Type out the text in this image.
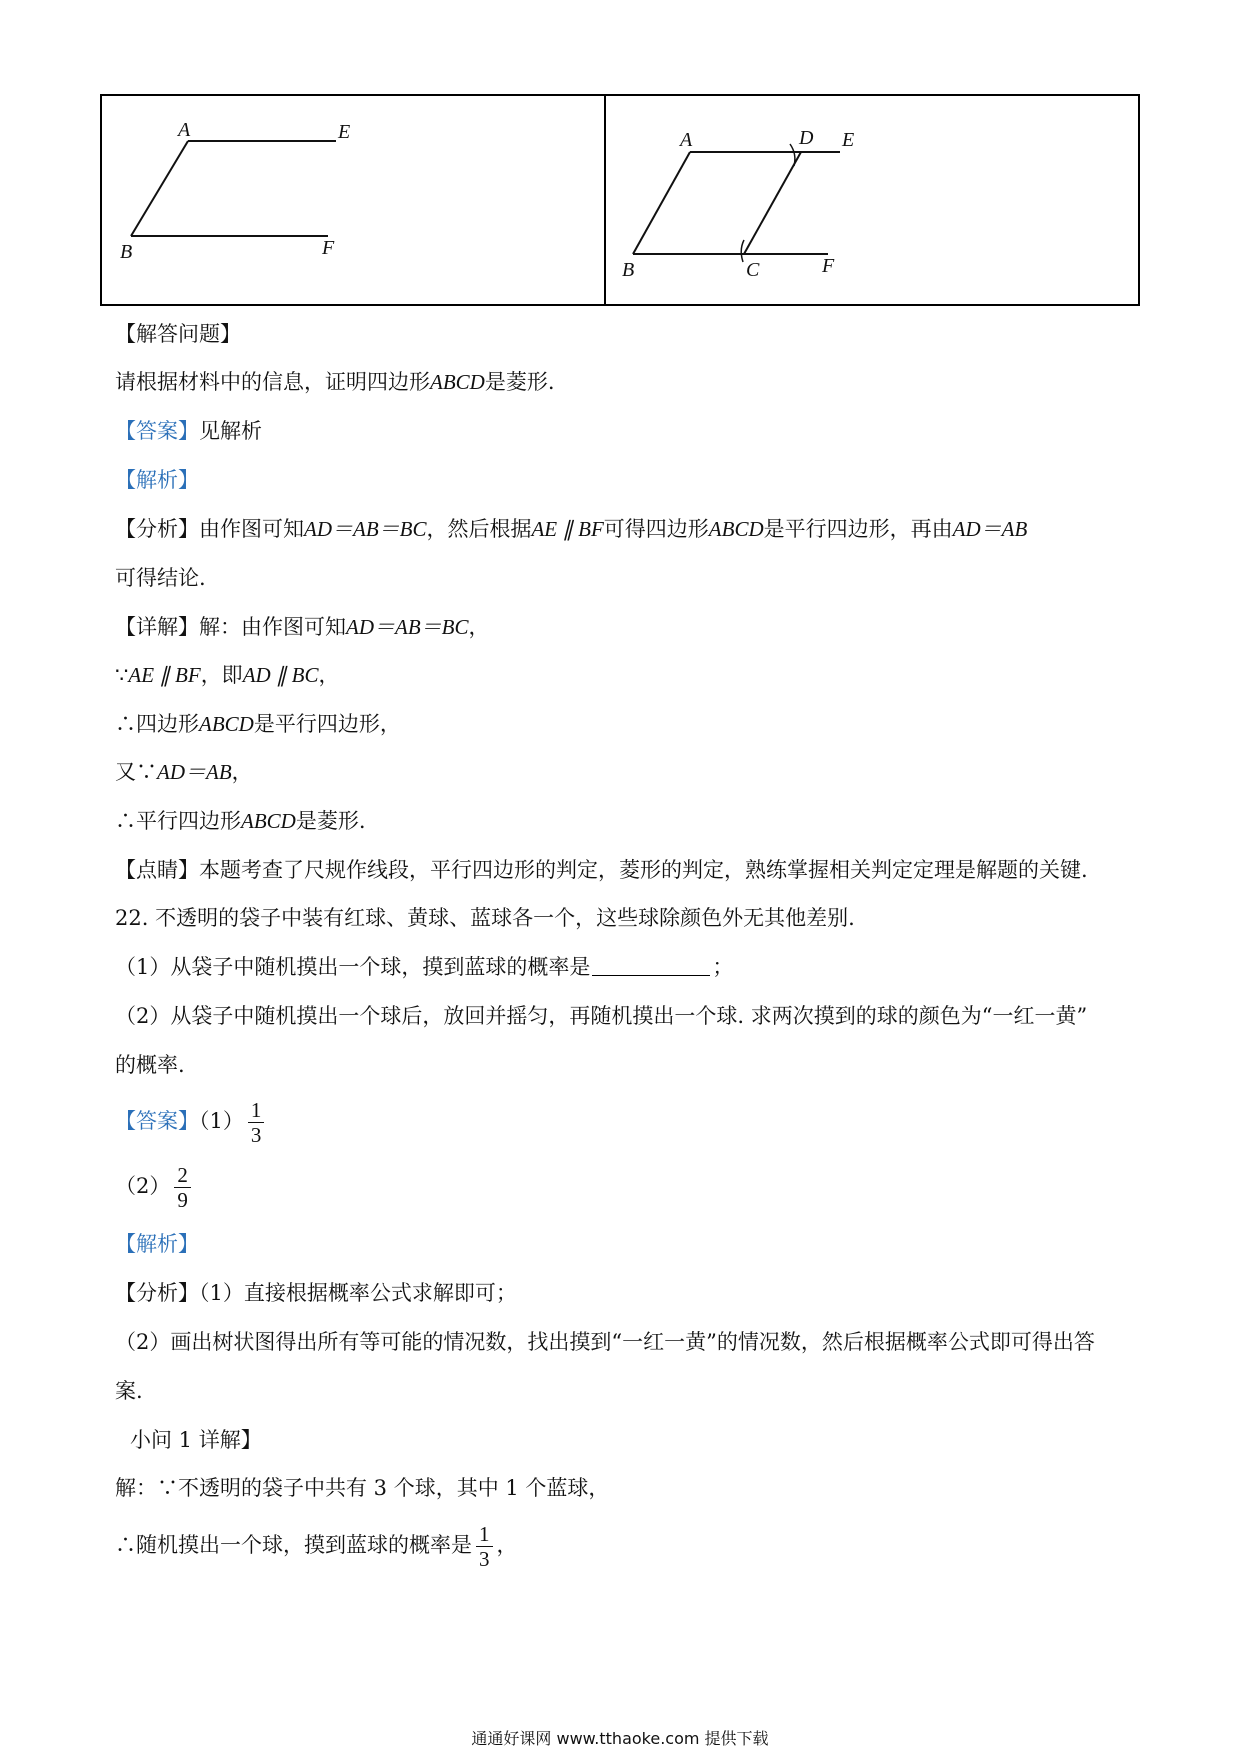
A	E
B	F
A	D E
B	C	F
【解答问题】
请根据材料中的信息，证明四边形ABCD是菱形.
【答案】见解析
【解析】
【分析】由作图可知AD＝AB＝BC，然后根据AE ∥ BF可得四边形ABCD是平行四边形，再由AD＝AB
可得结论.
【详解】解：由作图可知AD＝AB＝BC，
∵AE ∥ BF，即AD ∥ BC，
∴四边形ABCD是平行四边形，
又∵AD＝AB，
∴平行四边形ABCD是菱形.
【点睛】本题考查了尺规作线段，平行四边形的判定，菱形的判定，熟练掌握相关判定定理是解题的关键.
22. 不透明的袋子中装有红球、黄球、蓝球各一个，这些球除颜色外无其他差别.
（1）从袋子中随机摸出一个球，摸到蓝球的概率是	；
（2）从袋子中随机摸出一个球后，放回并摇匀，再随机摸出一个球. 求两次摸到的球的颜色为“一红一黄”
的概率.
【答案】$(1) \frac{1}{3}$
$(2) \frac{2}{9}$
【解析】
【分析】（1）直接根据概率公式求解即可；
（2）画出树状图得出所有等可能的情况数，找出摸到“一红一黄”的情况数，然后根据概率公式即可得出答
案.
小问 1 详解】
解：∵不透明的袋子中共有 3 个球，其中 1 个蓝球，
∴随机摸出一个球，摸到蓝球的概率是 $\frac{1}{3}$ ，
通通好课网 www.tthaoke.com 提供下载
